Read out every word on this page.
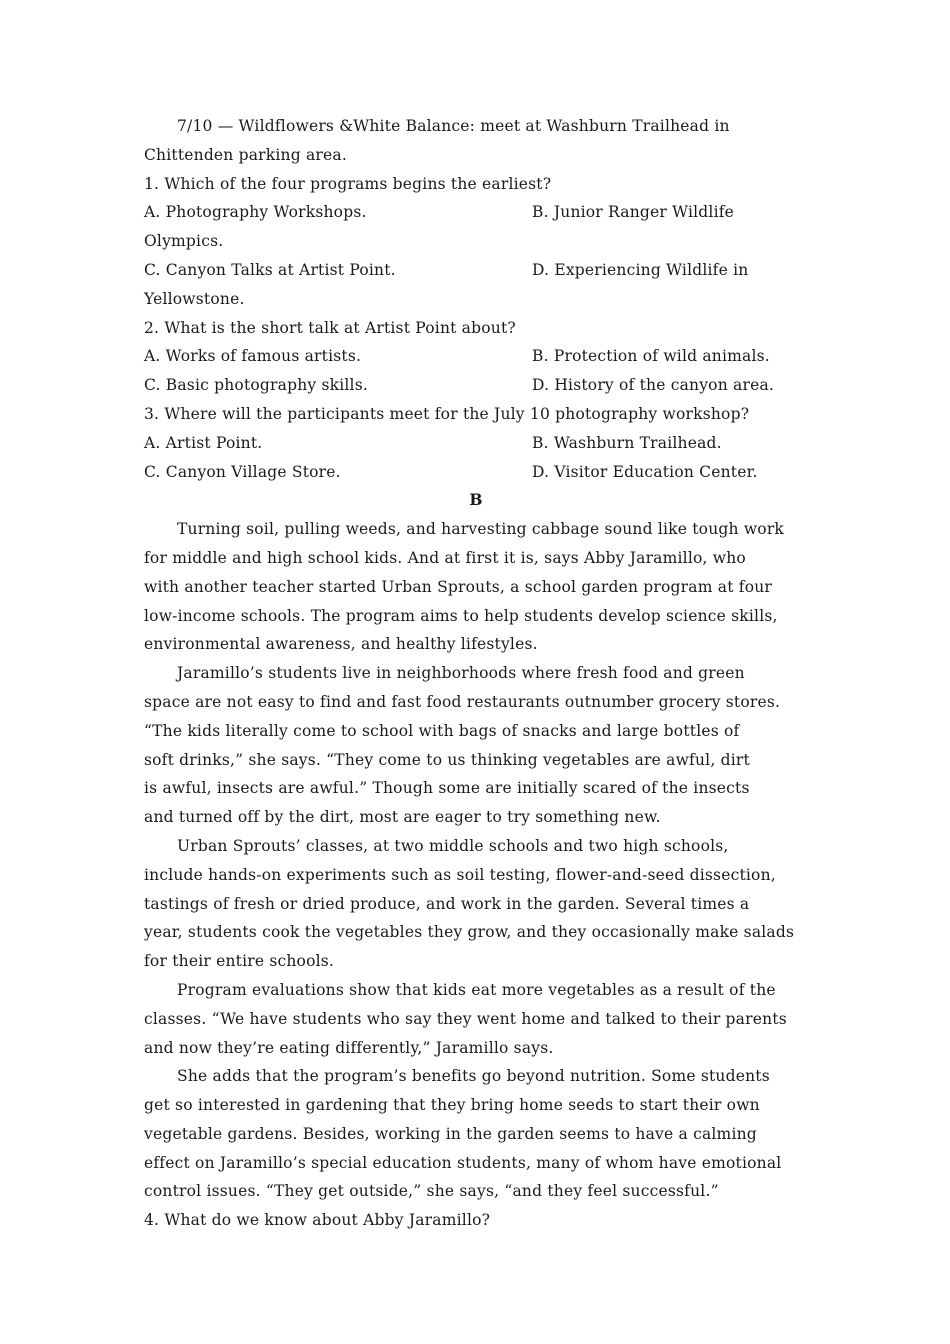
7/10 — Wildflowers &White Balance: meet at Washburn Trailhead in
Chittenden parking area.
1. Which of the four programs begins the earliest?
A. Photography Workshops.	B. Junior Ranger Wildlife
Olympics.
C. Canyon Talks at Artist Point.	D. Experiencing Wildlife in
Yellowstone.
2. What is the short talk at Artist Point about?
A. Works of famous artists.	B. Protection of wild animals.
C. Basic photography skills.	D. History of the canyon area.
3. Where will the participants meet for the July 10 photography workshop?
A. Artist Point.	B. Washburn Trailhead.
C. Canyon Village Store.	D. Visitor Education Center.
B
Turning soil, pulling weeds, and harvesting cabbage sound like tough work
for middle and high school kids. And at first it is, says Abby Jaramillo, who
with another teacher started Urban Sprouts, a school garden program at four
low-income schools. The program aims to help students develop science skills,
environmental awareness, and healthy lifestyles.
Jaramillo’s students live in neighborhoods where fresh food and green
space are not easy to find and fast food restaurants outnumber grocery stores.
“The kids literally come to school with bags of snacks and large bottles of
soft drinks,” she says. “They come to us thinking vegetables are awful, dirt
is awful, insects are awful.” Though some are initially scared of the insects
and turned off by the dirt, most are eager to try something new.
Urban Sprouts’ classes, at two middle schools and two high schools,
include hands-on experiments such as soil testing, flower-and-seed dissection,
tastings of fresh or dried produce, and work in the garden. Several times a
year, students cook the vegetables they grow, and they occasionally make salads
for their entire schools.
Program evaluations show that kids eat more vegetables as a result of the
classes. “We have students who say they went home and talked to their parents
and now they’re eating differently,” Jaramillo says.
She adds that the program’s benefits go beyond nutrition. Some students
get so interested in gardening that they bring home seeds to start their own
vegetable gardens. Besides, working in the garden seems to have a calming
effect on Jaramillo’s special education students, many of whom have emotional
control issues. “They get outside,” she says, “and they feel successful.”
4. What do we know about Abby Jaramillo?
